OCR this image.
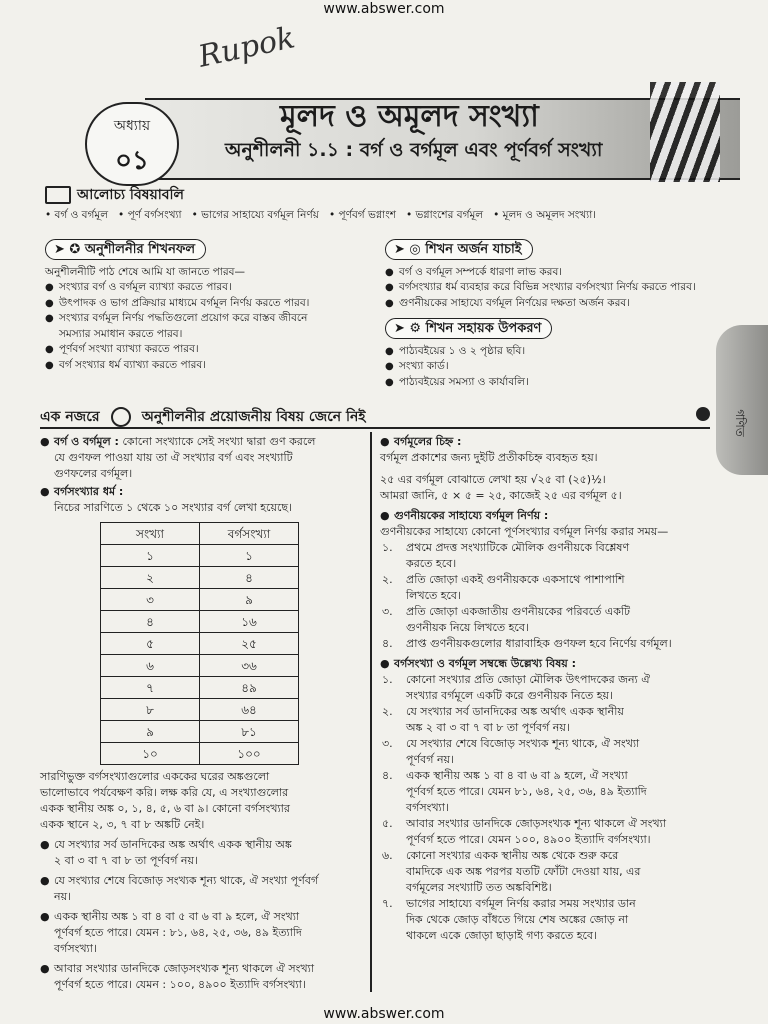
www.abswer.com
Rupok
অধ্যায়
০১
মূলদ ও অমূলদ সংখ্যা
অনুশীলনী ১.১ : বর্গ ও বর্গমূল এবং পূর্ণবর্গ সংখ্যা
গণিত
আলোচ্য বিষয়াবলি
• বর্গ ও বর্গমূল   • পূর্ণ বর্গসংখ্যা   • ভাগের সাহায্যে বর্গমূল নির্ণয়   • পূর্ণবর্গ ভগ্নাংশ   • ভগ্নাংশের বর্গমূল   • মূলদ ও অমূলদ সংখ্যা।
➤ ✪ অনুশীলনীর শিখনফল
অনুশীলনীটি পাঠ শেষে আমি যা জানতে পারব—
● সংখ্যার বর্গ ও বর্গমূল ব্যাখ্যা করতে পারব।
● উৎপাদক ও ভাগ প্রক্রিয়ার মাধ্যমে বর্গমূল নির্ণয় করতে পারব।
● সংখ্যার বর্গমূল নির্ণয় পদ্ধতিগুলো প্রয়োগ করে বাস্তব জীবনে
সমস্যার সমাধান করতে পারব।
● পূর্ণবর্গ সংখ্যা ব্যাখ্যা করতে পারব।
● বর্গ সংখ্যার ধর্ম ব্যাখ্যা করতে পারব।
➤ ◎ শিখন অর্জন যাচাই
● বর্গ ও বর্গমূল সম্পর্কে ধারণা লাভ করব।
● বর্গসংখ্যার ধর্ম ব্যবহার করে বিভিন্ন সংখ্যার বর্গসংখ্যা নির্ণয় করতে পারব।
● গুণনীয়কের সাহায্যে বর্গমূল নির্ণয়ের দক্ষতা অর্জন করব।
➤ ⚙ শিখন সহায়ক উপকরণ
● পাঠ্যবইয়ের ১ ও ২ পৃষ্ঠার ছবি।
● সংখ্যা কার্ড।
● পাঠ্যবইয়ের সমস্যা ও কার্যাবলি।
এক নজরে	অনুশীলনীর প্রয়োজনীয় বিষয় জেনে নিই
● বর্গ ও বর্গমূল : কোনো সংখ্যাকে সেই সংখ্যা দ্বারা গুণ করলে
যে গুণফল পাওয়া যায় তা ঐ সংখ্যার বর্গ এবং সংখ্যাটি
গুণফলের বর্গমূল।
● বর্গসংখ্যার ধর্ম :
নিচের সারণিতে ১ থেকে ১০ সংখ্যার বর্গ লেখা হয়েছে।
সংখ্যা	বর্গসংখ্যা
১	১
২	৪
৩	৯
৪	১৬
৫	২৫
৬	৩৬
৭	৪৯
৮	৬৪
৯	৮১
১০	১০০
সারণিভুক্ত বর্গসংখ্যাগুলোর এককের ঘরের অঙ্কগুলো
ভালোভাবে পর্যবেক্ষণ করি। লক্ষ করি যে, এ সংখ্যাগুলোর
একক স্থানীয় অঙ্ক ০, ১, ৪, ৫, ৬ বা ৯। কোনো বর্গসংখ্যার
একক স্থানে ২, ৩, ৭ বা ৮ অঙ্কটি নেই।
● যে সংখ্যার সর্ব ডানদিকের অঙ্ক অর্থাৎ একক স্থানীয় অঙ্ক
২ বা ৩ বা ৭ বা ৮ তা পূর্ণবর্গ নয়।
● যে সংখ্যার শেষে বিজোড় সংখ্যক শূন্য থাকে, ঐ সংখ্যা পূর্ণবর্গ
নয়।
● একক স্থানীয় অঙ্ক ১ বা ৪ বা ৫ বা ৬ বা ৯ হলে, ঐ সংখ্যা
পূর্ণবর্গ হতে পারে। যেমন : ৮১, ৬৪, ২৫, ৩৬, ৪৯ ইত্যাদি
বর্গসংখ্যা।
● আবার সংখ্যার ডানদিকে জোড়সংখ্যক শূন্য থাকলে ঐ সংখ্যা
পূর্ণবর্গ হতে পারে। যেমন : ১০০, ৪৯০০ ইত্যাদি বর্গসংখ্যা।
● বর্গমূলের চিহ্ন :
বর্গমূল প্রকাশের জন্য দুইটি প্রতীকচিহ্ন ব্যবহৃত হয়।
২৫ এর বর্গমূল বোঝাতে লেখা হয় √২৫ বা (২৫)½।
আমরা জানি, ৫ × ৫ = ২৫, কাজেই ২৫ এর বর্গমূল ৫।
● গুণনীয়কের সাহায্যে বর্গমূল নির্ণয় :
গুণনীয়কের সাহায্যে কোনো পূর্ণসংখ্যার বর্গমূল নির্ণয় করার সময়—
১. প্রথমে প্রদত্ত সংখ্যাটিকে মৌলিক গুণনীয়কে বিশ্লেষণ
করতে হবে।
২. প্রতি জোড়া একই গুণনীয়ককে একসাথে পাশাপাশি
লিখতে হবে।
৩. প্রতি জোড়া একজাতীয় গুণনীয়কের পরিবর্তে একটি
গুণনীয়ক নিয়ে লিখতে হবে।
৪. প্রাপ্ত গুণনীয়কগুলোর ধারাবাহিক গুণফল হবে নির্ণেয় বর্গমূল।
● বর্গসংখ্যা ও বর্গমূল সম্বন্ধে উল্লেখ্য বিষয় :
১. কোনো সংখ্যার প্রতি জোড়া মৌলিক উৎপাদকের জন্য ঐ
সংখ্যার বর্গমূলে একটি করে গুণনীয়ক নিতে হয়।
২. যে সংখ্যার সর্ব ডানদিকের অঙ্ক অর্থাৎ একক স্থানীয়
অঙ্ক ২ বা ৩ বা ৭ বা ৮ তা পূর্ণবর্গ নয়।
৩. যে সংখ্যার শেষে বিজোড় সংখ্যক শূন্য থাকে, ঐ সংখ্যা
পূর্ণবর্গ নয়।
৪. একক স্থানীয় অঙ্ক ১ বা ৪ বা ৬ বা ৯ হলে, ঐ সংখ্যা
পূর্ণবর্গ হতে পারে। যেমন ৮১, ৬৪, ২৫, ৩৬, ৪৯ ইত্যাদি
বর্গসংখ্যা।
৫. আবার সংখ্যার ডানদিকে জোড়সংখ্যক শূন্য থাকলে ঐ সংখ্যা
পূর্ণবর্গ হতে পারে। যেমন ১০০, ৪৯০০ ইত্যাদি বর্গসংখ্যা।
৬. কোনো সংখ্যার একক স্থানীয় অঙ্ক থেকে শুরু করে
বামদিকে এক অঙ্ক পরপর যতটি ফোঁটা দেওয়া যায়, এর
বর্গমূলের সংখ্যাটি তত অঙ্কবিশিষ্ট।
৭. ভাগের সাহায্যে বর্গমূল নির্ণয় করার সময় সংখ্যার ডান
দিক থেকে জোড় বাঁধতে গিয়ে শেষ অঙ্কের জোড় না
থাকলে একে জোড়া ছাড়াই গণ্য করতে হবে।
www.abswer.com
